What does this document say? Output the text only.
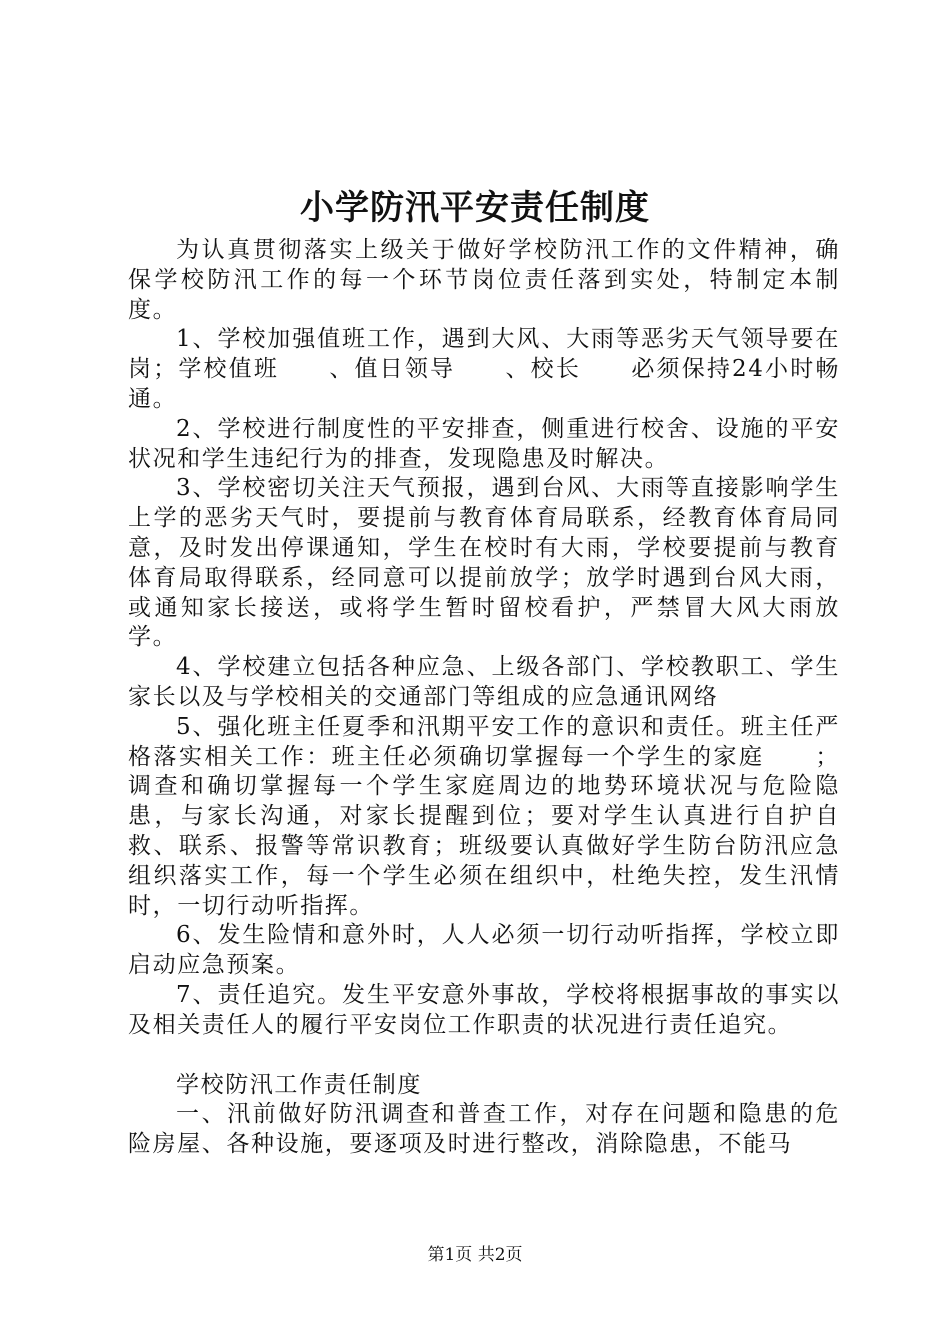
小学防汛平安责任制度

为认真贯彻落实上级关于做好学校防汛工作的文件精神，确保学校防汛工作的每一个环节岗位责任落到实处，特制定本制度。

1、学校加强值班工作，遇到大风、大雨等恶劣天气领导要在岗；学校值班　　、值日领导　　、校长　　必须保持24小时畅通。

2、学校进行制度性的平安排查，侧重进行校舍、设施的平安状况和学生违纪行为的排查，发现隐患及时解决。

3、学校密切关注天气预报，遇到台风、大雨等直接影响学生上学的恶劣天气时，要提前与教育体育局联系，经教育体育局同意，及时发出停课通知，学生在校时有大雨，学校要提前与教育体育局取得联系，经同意可以提前放学；放学时遇到台风大雨，或通知家长接送，或将学生暂时留校看护，严禁冒大风大雨放学。

4、学校建立包括各种应急、上级各部门、学校教职工、学生家长以及与学校相关的交通部门等组成的应急通讯网络

5、强化班主任夏季和汛期平安工作的意识和责任。班主任严格落实相关工作：班主任必须确切掌握每一个学生的家庭　　；调查和确切掌握每一个学生家庭周边的地势环境状况与危险隐患，与家长沟通，对家长提醒到位；要对学生认真进行自护自救、联系、报警等常识教育；班级要认真做好学生防台防汛应急组织落实工作，每一个学生必须在组织中，杜绝失控，发生汛情时，一切行动听指挥。

6、发生险情和意外时，人人必须一切行动听指挥，学校立即启动应急预案。

7、责任追究。发生平安意外事故，学校将根据事故的事实以及相关责任人的履行平安岗位工作职责的状况进行责任追究。

学校防汛工作责任制度

一、汛前做好防汛调查和普查工作，对存在问题和隐患的危险房屋、各种设施，要逐项及时进行整改，消除隐患，不能马

第1页 共2页
